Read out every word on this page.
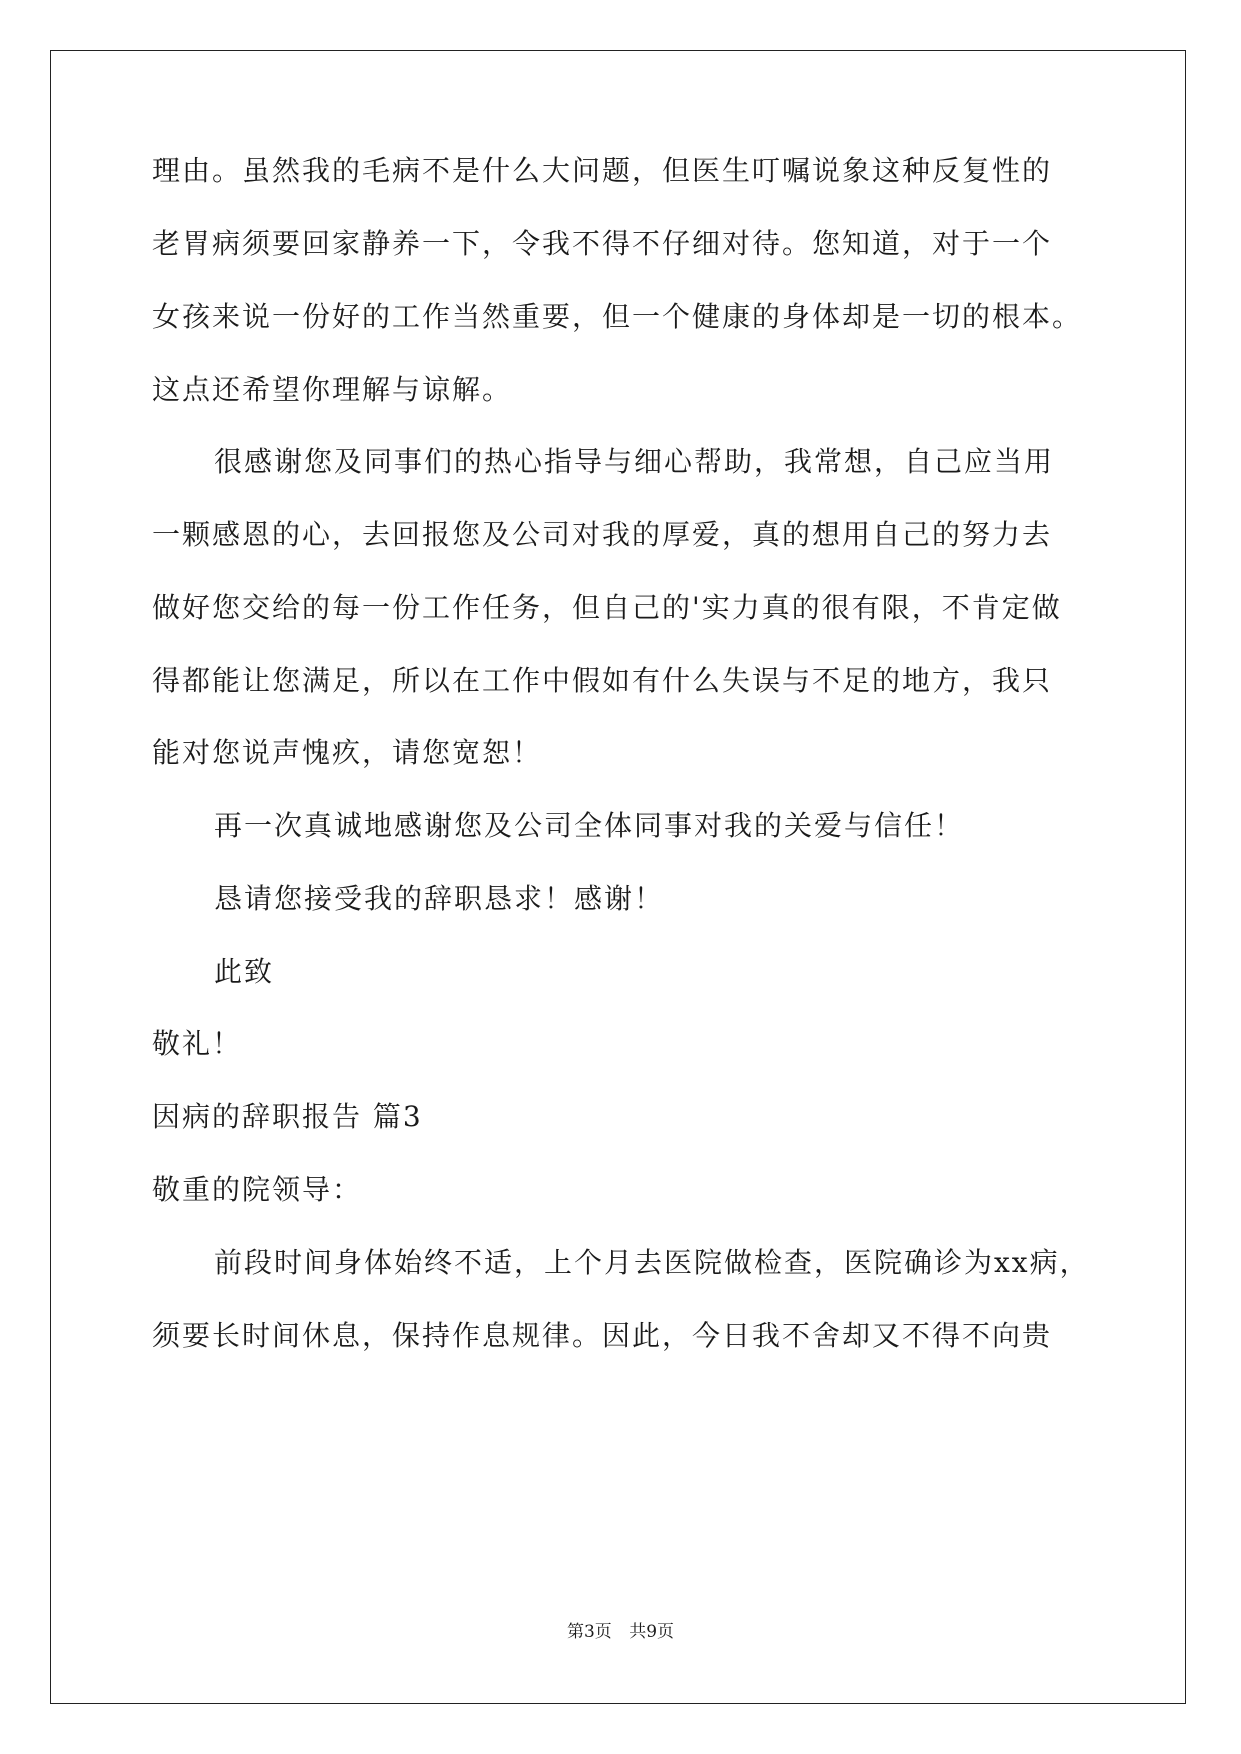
理由。虽然我的毛病不是什么大问题，但医生叮嘱说象这种反复性的
老胃病须要回家静养一下，令我不得不仔细对待。您知道，对于一个
女孩来说一份好的工作当然重要，但一个健康的身体却是一切的根本。
这点还希望你理解与谅解。
很感谢您及同事们的热心指导与细心帮助，我常想，自己应当用
一颗感恩的心，去回报您及公司对我的厚爱，真的想用自己的努力去
做好您交给的每一份工作任务，但自己的'实力真的很有限，不肯定做
得都能让您满足，所以在工作中假如有什么失误与不足的地方，我只
能对您说声愧疚，请您宽恕！
再一次真诚地感谢您及公司全体同事对我的关爱与信任！
恳请您接受我的辞职恳求！感谢！
此致
敬礼！
因病的辞职报告 篇3
敬重的院领导：
前段时间身体始终不适，上个月去医院做检查，医院确诊为xx病，
须要长时间休息，保持作息规律。因此，今日我不舍却又不得不向贵
第3页 共9页
